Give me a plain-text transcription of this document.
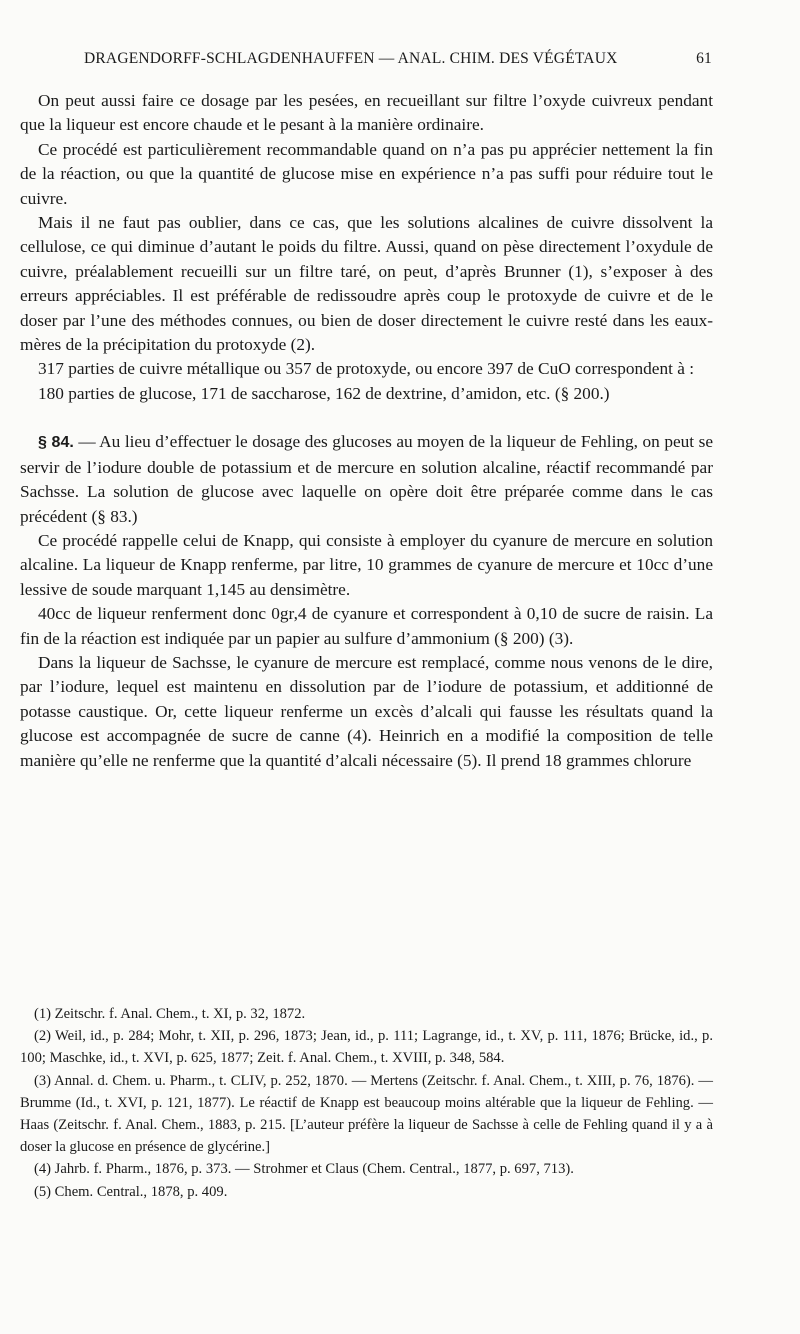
DRAGENDORFF-SCHLAGDENHAUFFEN — ANAL. CHIM. DES VÉGÉTAUX	61

On peut aussi faire ce dosage par les pesées, en recueillant sur filtre l’oxyde cuivreux pendant que la liqueur est encore chaude et le pesant à la manière ordinaire.

Ce procédé est particulièrement recommandable quand on n’a pas pu apprécier nettement la fin de la réaction, ou que la quantité de glucose mise en expérience n’a pas suffi pour réduire tout le cuivre.

Mais il ne faut pas oublier, dans ce cas, que les solutions alcalines de cuivre dissolvent la cellulose, ce qui diminue d’autant le poids du filtre. Aussi, quand on pèse directement l’oxydule de cuivre, préalablement recueilli sur un filtre taré, on peut, d’après Brunner (1), s’exposer à des erreurs appréciables. Il est préférable de redissoudre après coup le protoxyde de cuivre et de le doser par l’une des méthodes connues, ou bien de doser directement le cuivre resté dans les eaux-mères de la précipitation du protoxyde (2).

317 parties de cuivre métallique ou 357 de protoxyde, ou encore 397 de CuO correspondent à :

180 parties de glucose, 171 de saccharose, 162 de dextrine, d’amidon, etc. (§ 200.)

§ 84. — Au lieu d’effectuer le dosage des glucoses au moyen de la liqueur de Fehling, on peut se servir de l’iodure double de potassium et de mercure en solution alcaline, réactif recommandé par Sachsse. La solution de glucose avec laquelle on opère doit être préparée comme dans le cas précédent (§ 83.)

Ce procédé rappelle celui de Knapp, qui consiste à employer du cyanure de mercure en solution alcaline. La liqueur de Knapp renferme, par litre, 10 grammes de cyanure de mercure et 10cc d’une lessive de soude marquant 1,145 au densimètre.

40cc de liqueur renferment donc 0gr,4 de cyanure et correspondent à 0,10 de sucre de raisin. La fin de la réaction est indiquée par un papier au sulfure d’ammonium (§ 200) (3).

Dans la liqueur de Sachsse, le cyanure de mercure est remplacé, comme nous venons de le dire, par l’iodure, lequel est maintenu en dissolution par de l’iodure de potassium, et additionné de potasse caustique. Or, cette liqueur renferme un excès d’alcali qui fausse les résultats quand la glucose est accompagnée de sucre de canne (4). Heinrich en a modifié la composition de telle manière qu’elle ne renferme que la quantité d’alcali nécessaire (5). Il prend 18 grammes chlorure

(1) Zeitschr. f. Anal. Chem., t. XI, p. 32, 1872.

(2) Weil, id., p. 284; Mohr, t. XII, p. 296, 1873; Jean, id., p. 111; Lagrange, id., t. XV, p. 111, 1876; Brücke, id., p. 100; Maschke, id., t. XVI, p. 625, 1877; Zeit. f. Anal. Chem., t. XVIII, p. 348, 584.

(3) Annal. d. Chem. u. Pharm., t. CLIV, p. 252, 1870. — Mertens (Zeitschr. f. Anal. Chem., t. XIII, p. 76, 1876). — Brumme (Id., t. XVI, p. 121, 1877). Le réactif de Knapp est beaucoup moins altérable que la liqueur de Fehling. — Haas (Zeitschr. f. Anal. Chem., 1883, p. 215. [L’auteur préfère la liqueur de Sachsse à celle de Fehling quand il y a à doser la glucose en présence de glycérine.]

(4) Jahrb. f. Pharm., 1876, p. 373. — Strohmer et Claus (Chem. Central., 1877, p. 697, 713).

(5) Chem. Central., 1878, p. 409.
